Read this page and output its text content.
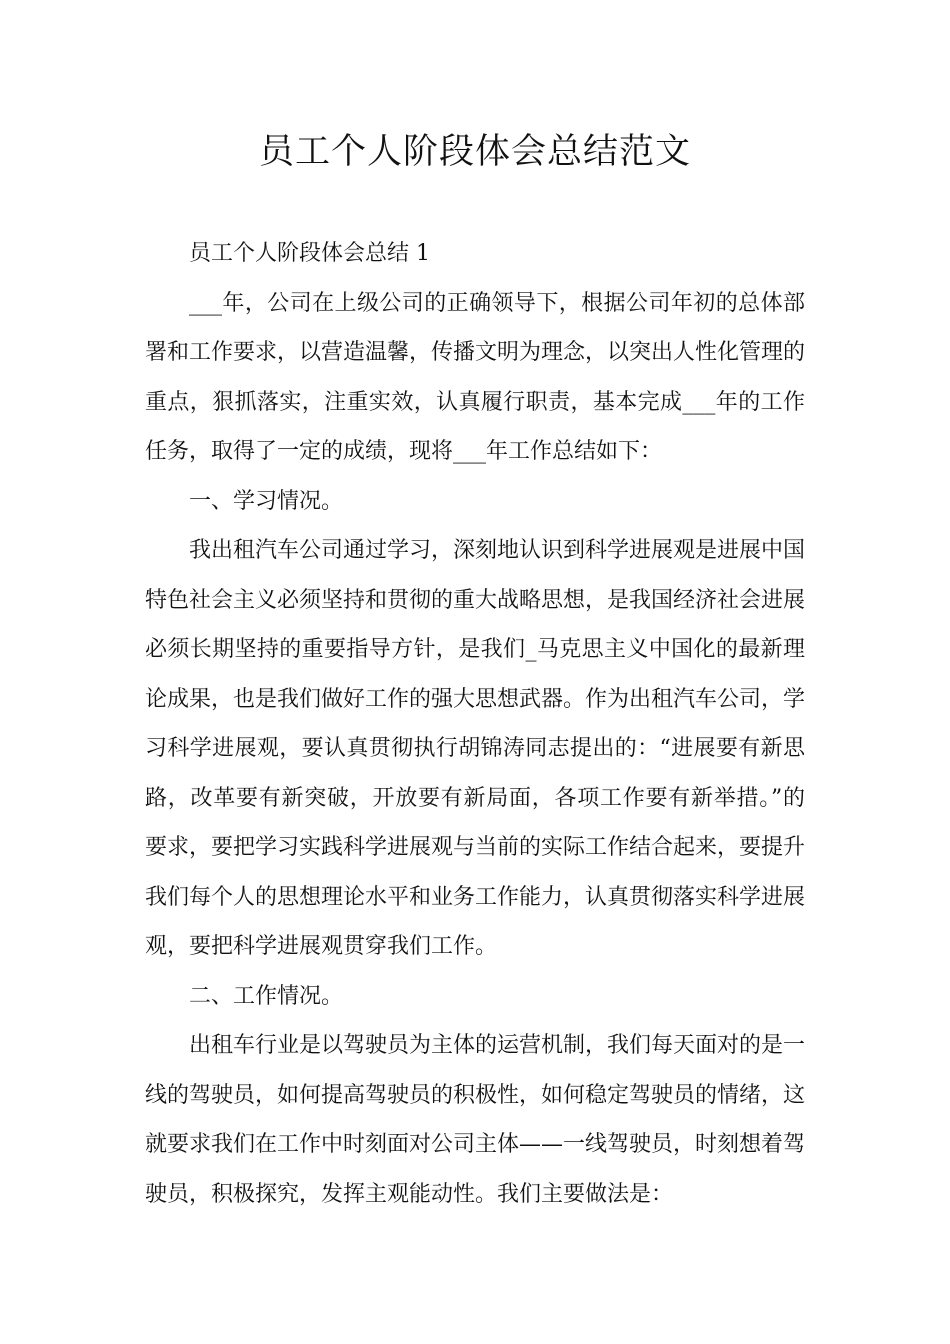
员工个人阶段体会总结范文

员工个人阶段体会总结 1

___年，公司在上级公司的正确领导下，根据公司年初的总体部署和工作要求，以营造温馨，传播文明为理念，以突出人性化管理的重点，狠抓落实，注重实效，认真履行职责，基本完成___年的工作任务，取得了一定的成绩，现将___年工作总结如下：

一、学习情况。

我出租汽车公司通过学习，深刻地认识到科学进展观是进展中国特色社会主义必须坚持和贯彻的重大战略思想，是我国经济社会进展必须长期坚持的重要指导方针，是我们_马克思主义中国化的最新理论成果，也是我们做好工作的强大思想武器。作为出租汽车公司，学习科学进展观，要认真贯彻执行胡锦涛同志提出的：“进展要有新思路，改革要有新突破，开放要有新局面，各项工作要有新举措。”的要求，要把学习实践科学进展观与当前的实际工作结合起来，要提升我们每个人的思想理论水平和业务工作能力，认真贯彻落实科学进展观，要把科学进展观贯穿我们工作。

二、工作情况。

出租车行业是以驾驶员为主体的运营机制，我们每天面对的是一线的驾驶员，如何提高驾驶员的积极性，如何稳定驾驶员的情绪，这就要求我们在工作中时刻面对公司主体——一线驾驶员，时刻想着驾驶员，积极探究，发挥主观能动性。我们主要做法是：
